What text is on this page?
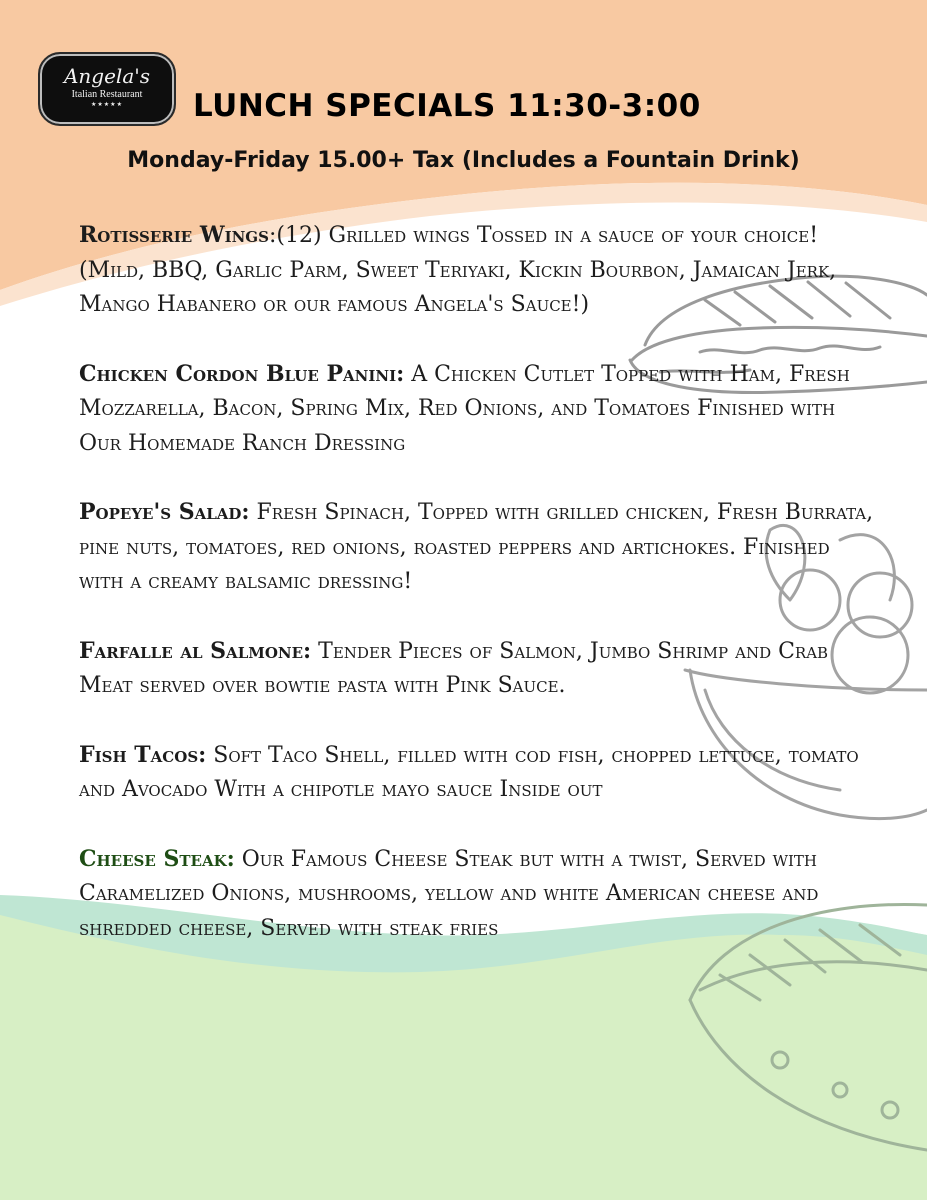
Angela's
Italian Restaurant
★★★★★	LUNCH SPECIALS 11:30-3:00
Monday-Friday 15.00+ Tax (Includes a Fountain Drink)
Rotisserie Wings:(12) Grilled wings Tossed in a sauce of your choice! (Mild, BBQ, Garlic Parm, Sweet Teriyaki, Kickin Bourbon, Jamaican Jerk, Mango Habanero or our famous Angela's Sauce!)
Chicken Cordon Blue Panini: A Chicken Cutlet Topped with Ham, Fresh Mozzarella, Bacon, Spring Mix, Red Onions, and Tomatoes Finished with Our Homemade Ranch Dressing
Popeye's Salad: Fresh Spinach, Topped with grilled chicken, Fresh Burrata, pine nuts, tomatoes, red onions, roasted peppers and artichokes. Finished with a creamy balsamic dressing!
Farfalle al Salmone: Tender Pieces of Salmon, Jumbo Shrimp and Crab Meat served over bowtie pasta with Pink Sauce.
Fish Tacos: Soft Taco Shell, filled with cod fish, chopped lettuce, tomato and Avocado With a chipotle mayo sauce Inside out
Cheese Steak: Our Famous Cheese Steak but with a twist, Served with Caramelized Onions, mushrooms, yellow and white American cheese and shredded cheese, Served with steak fries
